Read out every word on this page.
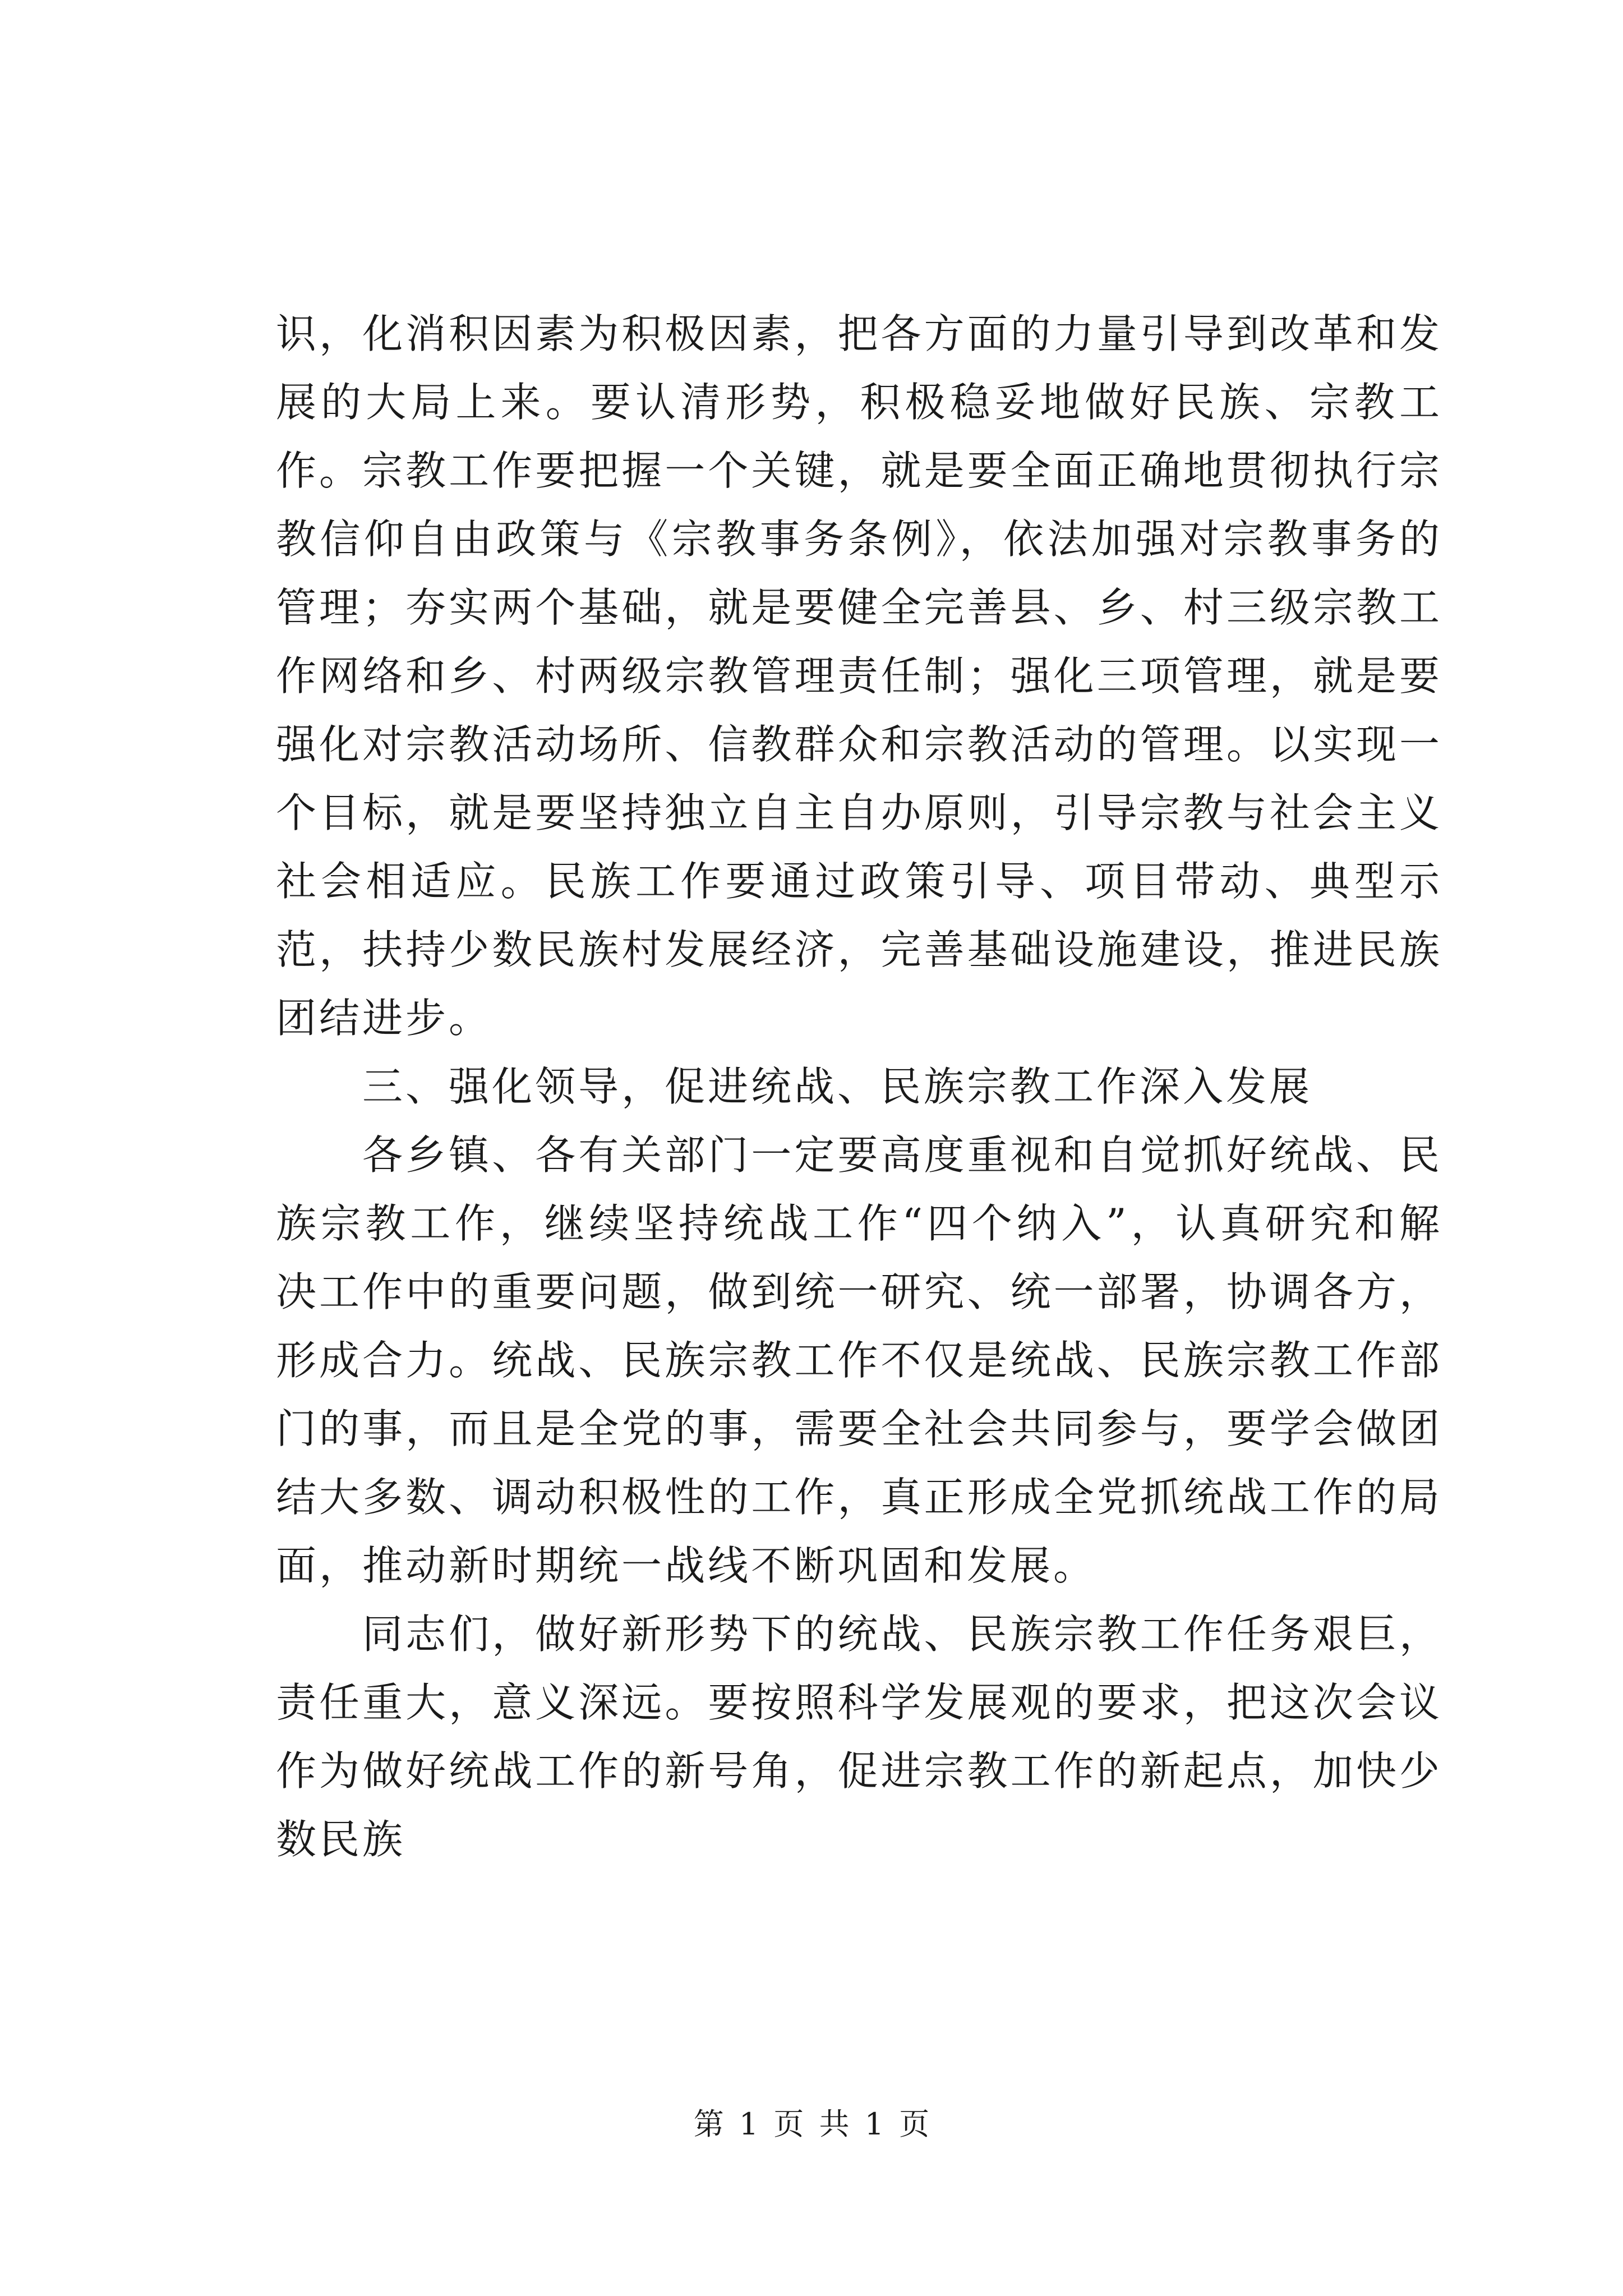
识，化消积因素为积极因素，把各方面的力量引导到改革和发展的大局上来。要认清形势，积极稳妥地做好民族、宗教工作。宗教工作要把握一个关键，就是要全面正确地贯彻执行宗教信仰自由政策与《宗教事务条例》，依法加强对宗教事务的管理；夯实两个基础，就是要健全完善县、乡、村三级宗教工作网络和乡、村两级宗教管理责任制；强化三项管理，就是要强化对宗教活动场所、信教群众和宗教活动的管理。以实现一个目标，就是要坚持独立自主自办原则，引导宗教与社会主义社会相适应。民族工作要通过政策引导、项目带动、典型示范，扶持少数民族村发展经济，完善基础设施建设，推进民族团结进步。

三、强化领导，促进统战、民族宗教工作深入发展

各乡镇、各有关部门一定要高度重视和自觉抓好统战、民族宗教工作，继续坚持统战工作“四个纳入”，认真研究和解决工作中的重要问题，做到统一研究、统一部署，协调各方，形成合力。统战、民族宗教工作不仅是统战、民族宗教工作部门的事，而且是全党的事，需要全社会共同参与，要学会做团结大多数、调动积极性的工作，真正形成全党抓统战工作的局面，推动新时期统一战线不断巩固和发展。

同志们，做好新形势下的统战、民族宗教工作任务艰巨，责任重大，意义深远。要按照科学发展观的要求，把这次会议作为做好统战工作的新号角，促进宗教工作的新起点，加快少数民族

第 1 页 共 1 页
